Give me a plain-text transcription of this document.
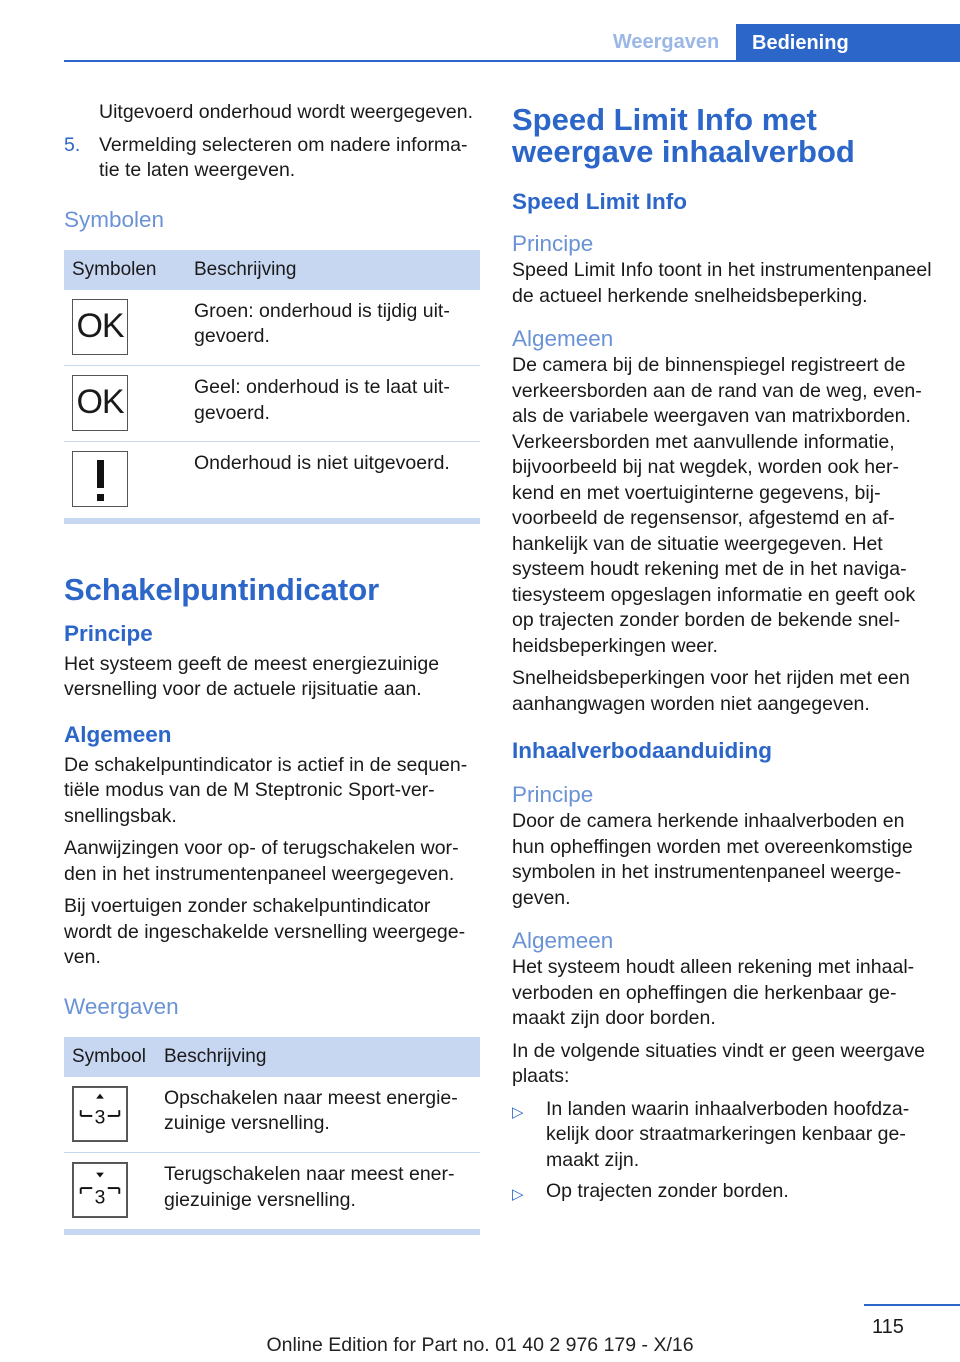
Weergaven	Bediening

Uitgevoerd onderhoud wordt weergegeven.

5. Vermelding selecteren om nadere informatie te laten weergeven.
Symbolen
Symbolen	Beschrijving

OK	Groen: onderhoud is tijdig uitgevoerd.

OK	Geel: onderhoud is te laat uitgevoerd.

	Onderhoud is niet uitgevoerd.
Schakelpuntindicator
Principe

Het systeem geeft de meest energiezuinige versnelling voor de actuele rijsituatie aan.

Algemeen

De schakelpuntindicator is actief in de sequentiële modus van de M Steptronic Sport-versnellingsbak.

Aanwijzingen voor op- of terugschakelen worden in het instrumentenpaneel weergegeven.

Bij voertuigen zonder schakelpuntindicator wordt de ingeschakelde versnelling weergegeven.

Weergaven
Symbool	Beschrijving

3	Opschakelen naar meest energiezuinige versnelling.

3	Terugschakelen naar meest energiezuinige versnelling.
Speed Limit Info met weergave inhaalverbod
Speed Limit Info
Principe

Speed Limit Info toont in het instrumentenpaneel de actueel herkende snelheidsbeperking.

Algemeen

De camera bij de binnenspiegel registreert de verkeersborden aan de rand van de weg, evenals de variabele weergaven van matrixborden. Verkeersborden met aanvullende informatie, bijvoorbeeld bij nat wegdek, worden ook herkend en met voertuiginterne gegevens, bijvoorbeeld de regensensor, afgestemd en afhankelijk van de situatie weergegeven. Het systeem houdt rekening met de in het navigatiesysteem opgeslagen informatie en geeft ook op trajecten zonder borden de bekende snelheidsbeperkingen weer.

Snelheidsbeperkingen voor het rijden met een aanhangwagen worden niet aangegeven.

Inhaalverbodaanduiding
Principe

Door de camera herkende inhaalverboden en hun opheffingen worden met overeenkomstige symbolen in het instrumentenpaneel weergegeven.

Algemeen

Het systeem houdt alleen rekening met inhaalverboden en opheffingen die herkenbaar gemaakt zijn door borden.

In de volgende situaties vindt er geen weergave plaats:

▷	In landen waarin inhaalverboden hoofdzakelijk door straatmarkeringen kenbaar gemaakt zijn.
▷	Op trajecten zonder borden.
115
Online Edition for Part no. 01 40 2 976 179 - X/16
